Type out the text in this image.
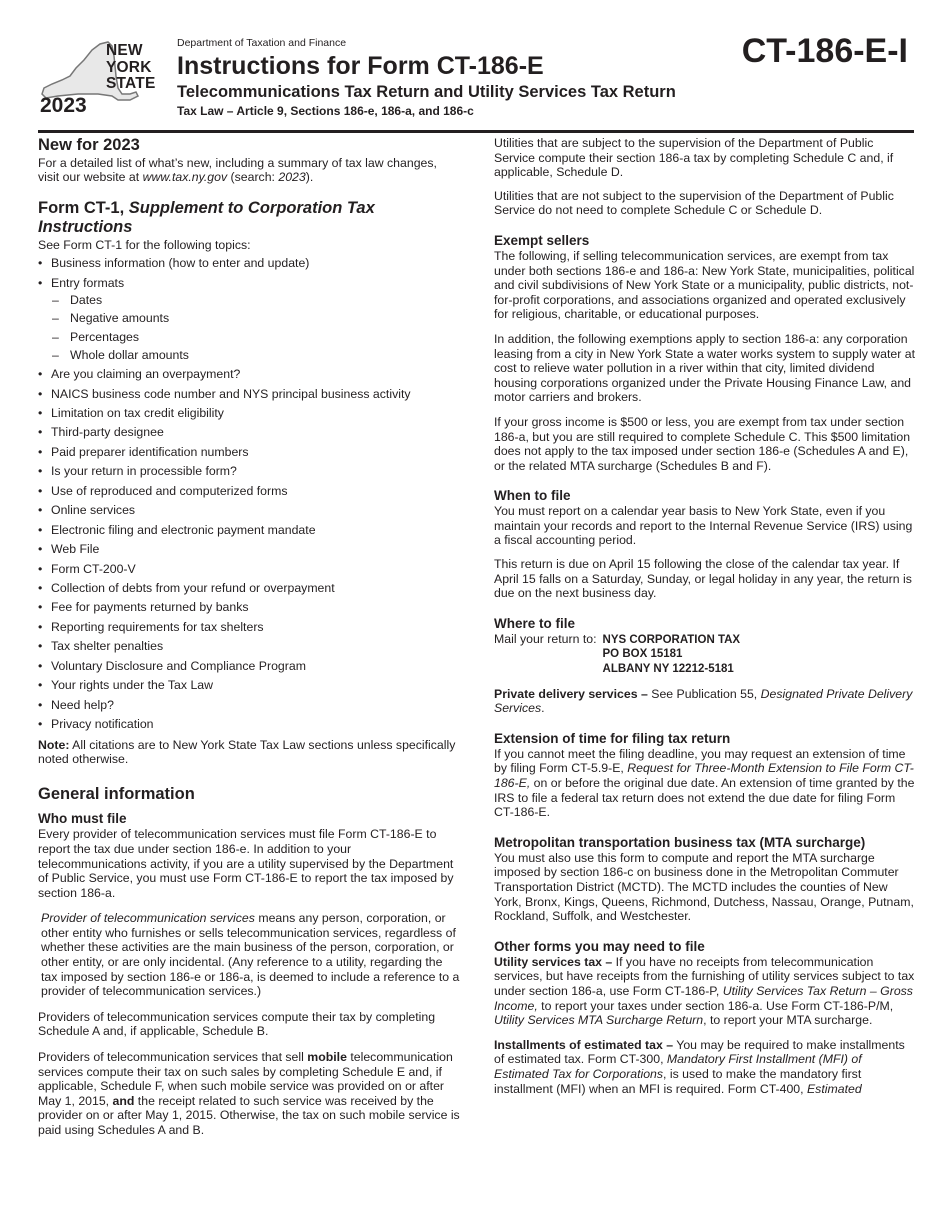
NEW
YORK
STATE
2023
Department of Taxation and Finance
Instructions for Form CT-186-E	CT-186-E-I
Telecommunications Tax Return and Utility Services Tax Return
Tax Law – Article 9, Sections 186-e, 186-a, and 186-c
New for 2023

For a detailed list of what’s new, including a summary of tax law changes, visit our website at www.tax.ny.gov (search: 2023).

Form CT-1, Supplement to Corporation Tax Instructions
See Form CT-1 for the following topics:
• Business information (how to enter and update)
• Entry formats
– Dates
– Negative amounts
– Percentages
– Whole dollar amounts
• Are you claiming an overpayment?
• NAICS business code number and NYS principal business activity
• Limitation on tax credit eligibility
• Third-party designee
• Paid preparer identification numbers
• Is your return in processible form?
• Use of reproduced and computerized forms
• Online services
• Electronic filing and electronic payment mandate
• Web File
• Form CT-200-V
• Collection of debts from your refund or overpayment
• Fee for payments returned by banks
• Reporting requirements for tax shelters
• Tax shelter penalties
• Voluntary Disclosure and Compliance Program
• Your rights under the Tax Law
• Need help?
• Privacy notification

Note: All citations are to New York State Tax Law sections unless specifically noted otherwise.

General information
Who must file

Every provider of telecommunication services must file Form CT-186-E to report the tax due under section 186-e. In addition to your telecommunications activity, if you are a utility supervised by the Department of Public Service, you must use Form CT-186-E to report the tax imposed by section 186-a.

Provider of telecommunication services means any person, corporation, or other entity who furnishes or sells telecommunication services, regardless of whether these activities are the main business of the person, corporation, or other entity, or are only incidental. (Any reference to a utility, regarding the tax imposed by section 186-e or 186-a, is deemed to include a reference to a provider of telecommunication services.)

Providers of telecommunication services compute their tax by completing Schedule A and, if applicable, Schedule B.

Providers of telecommunication services that sell mobile telecommunication services compute their tax on such sales by completing Schedule E and, if applicable, Schedule F, when such mobile service was provided on or after May 1, 2015, and the receipt related to such service was received by the provider on or after May 1, 2015. Otherwise, the tax on such mobile service is paid using Schedules A and B.

Utilities that are subject to the supervision of the Department of Public Service compute their section 186-a tax by completing Schedule C and, if applicable, Schedule D.

Utilities that are not subject to the supervision of the Department of Public Service do not need to complete Schedule C or Schedule D.

Exempt sellers

The following, if selling telecommunication services, are exempt from tax under both sections 186-e and 186-a: New York State, municipalities, political and civil subdivisions of New York State or a municipality, public districts, not-for-profit corporations, and associations organized and operated exclusively for religious, charitable, or educational purposes.

In addition, the following exemptions apply to section 186-a: any corporation leasing from a city in New York State a water works system to supply water at cost to relieve water pollution in a river within that city, limited dividend housing corporations organized under the Private Housing Finance Law, and motor carriers and brokers.

If your gross income is $500 or less, you are exempt from tax under section 186-a, but you are still required to complete Schedule C. This $500 limitation does not apply to the tax imposed under section 186-e (Schedules A and E), or the related MTA surcharge (Schedules B and F).

When to file

You must report on a calendar year basis to New York State, even if you maintain your records and report to the Internal Revenue Service (IRS) using a fiscal accounting period.

This return is due on April 15 following the close of the calendar tax year. If April 15 falls on a Saturday, Sunday, or legal holiday in any year, the return is due on the next business day.

Where to file
Mail your return to: NYS CORPORATION TAX
PO BOX 15181
ALBANY NY 12212-5181

Private delivery services – See Publication 55, Designated Private Delivery Services.

Extension of time for filing tax return

If you cannot meet the filing deadline, you may request an extension of time by filing Form CT-5.9-E, Request for Three-Month Extension to File Form CT-186-E, on or before the original due date. An extension of time granted by the IRS to file a federal tax return does not extend the due date for filing Form CT-186-E.

Metropolitan transportation business tax (MTA surcharge)

You must also use this form to compute and report the MTA surcharge imposed by section 186-c on business done in the Metropolitan Commuter Transportation District (MCTD). The MCTD includes the counties of New York, Bronx, Kings, Queens, Richmond, Dutchess, Nassau, Orange, Putnam, Rockland, Suffolk, and Westchester.

Other forms you may need to file

Utility services tax – If you have no receipts from telecommunication services, but have receipts from the furnishing of utility services subject to tax under section 186-a, use Form CT-186-P, Utility Services Tax Return – Gross Income, to report your taxes under section 186-a. Use Form CT-186-P/M, Utility Services MTA Surcharge Return, to report your MTA surcharge.

Installments of estimated tax – You may be required to make installments of estimated tax. Form CT-300, Mandatory First Installment (MFI) of Estimated Tax for Corporations, is used to make the mandatory first installment (MFI) when an MFI is required. Form CT-400, Estimated
